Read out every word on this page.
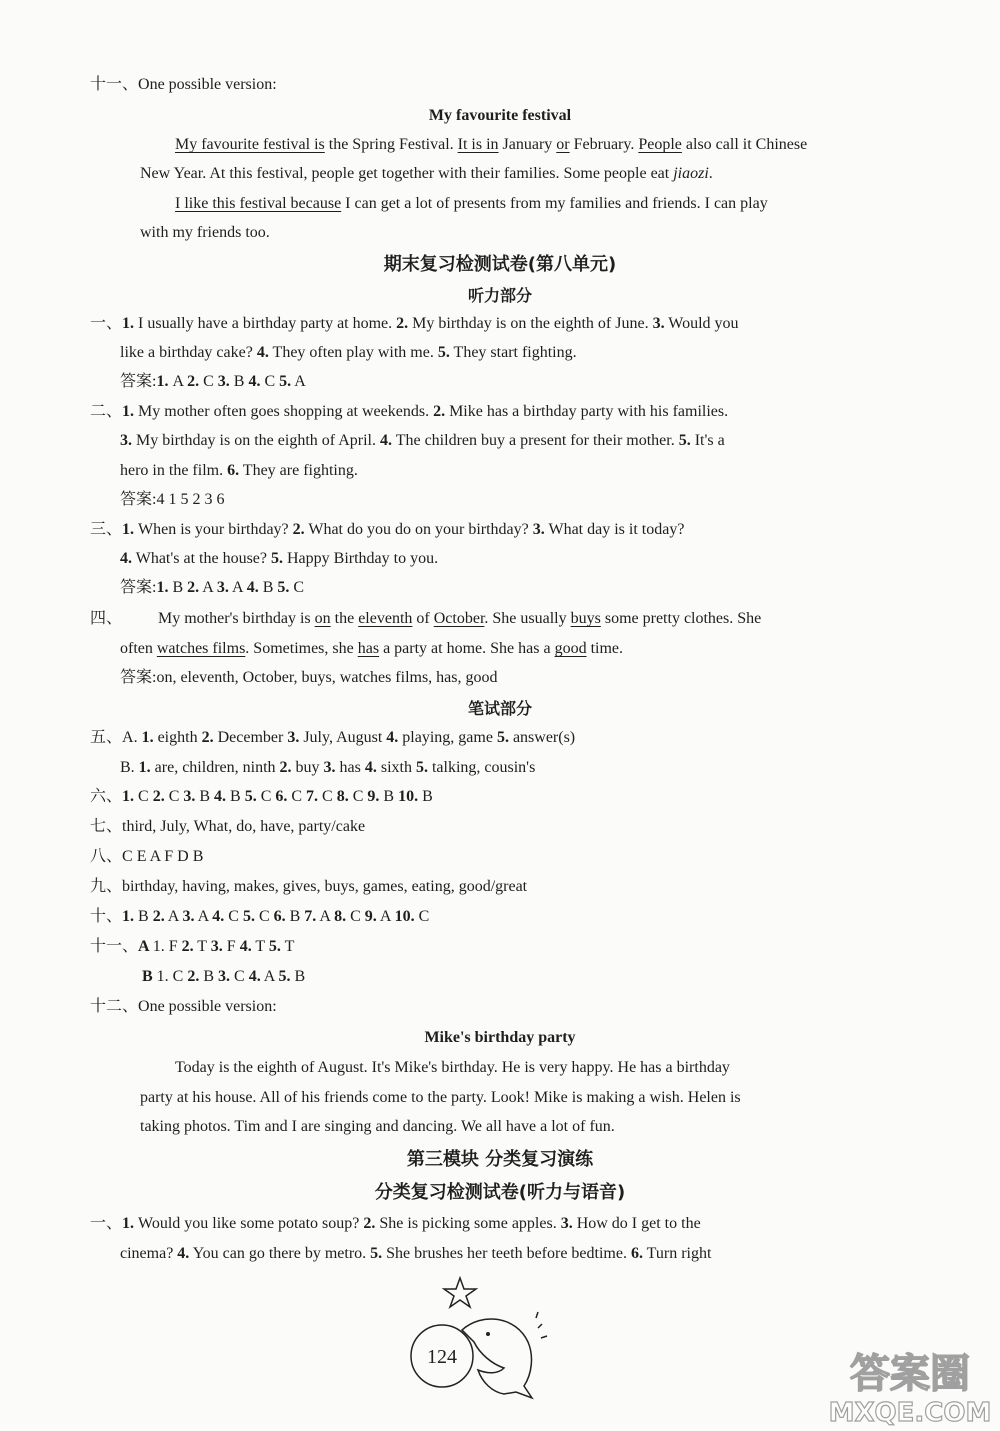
十一、One possible version:
My favourite festival
My favourite festival is the Spring Festival. It is in January or February. People also call it Chinese
New Year. At this festival, people get together with their families. Some people eat jiaozi.
I like this festival because I can get a lot of presents from my families and friends. I can play
with my friends too.
期末复习检测试卷(第八单元)
听力部分
一、1. I usually have a birthday party at home. 2. My birthday is on the eighth of June. 3. Would you
like a birthday cake? 4. They often play with me. 5. They start fighting.
答案:1. A 2. C 3. B 4. C 5. A
二、1. My mother often goes shopping at weekends. 2. Mike has a birthday party with his families.
3. My birthday is on the eighth of April. 4. The children buy a present for their mother. 5. It's a
hero in the film. 6. They are fighting.
答案:4 1 5 2 3 6
三、1. When is your birthday? 2. What do you do on your birthday? 3. What day is it today?
4. What's at the house? 5. Happy Birthday to you.
答案:1. B 2. A 3. A 4. B 5. C
四、 My mother's birthday is on the eleventh of October. She usually buys some pretty clothes. She
often watches films. Sometimes, she has a party at home. She has a good time.
答案:on, eleventh, October, buys, watches films, has, good
笔试部分
五、A. 1. eighth 2. December 3. July, August 4. playing, game 5. answer(s)
B. 1. are, children, ninth 2. buy 3. has 4. sixth 5. talking, cousin's
六、1. C 2. C 3. B 4. B 5. C 6. C 7. C 8. C 9. B 10. B
七、third, July, What, do, have, party/cake
八、C E A F D B
九、birthday, having, makes, gives, buys, games, eating, good/great
十、1. B 2. A 3. A 4. C 5. C 6. B 7. A 8. C 9. A 10. C
十一、A 1. F 2. T 3. F 4. T 5. T
B 1. C 2. B 3. C 4. A 5. B
十二、One possible version:
Mike's birthday party
Today is the eighth of August. It's Mike's birthday. He is very happy. He has a birthday
party at his house. All of his friends come to the party. Look! Mike is making a wish. Helen is
taking photos. Tim and I are singing and dancing. We all have a lot of fun.
第三模块 分类复习演练
分类复习检测试卷(听力与语音)
一、1. Would you like some potato soup? 2. She is picking some apples. 3. How do I get to the
cinema? 4. You can go there by metro. 5. She brushes her teeth before bedtime. 6. Turn right
124	答案圈
MXQE.COM
